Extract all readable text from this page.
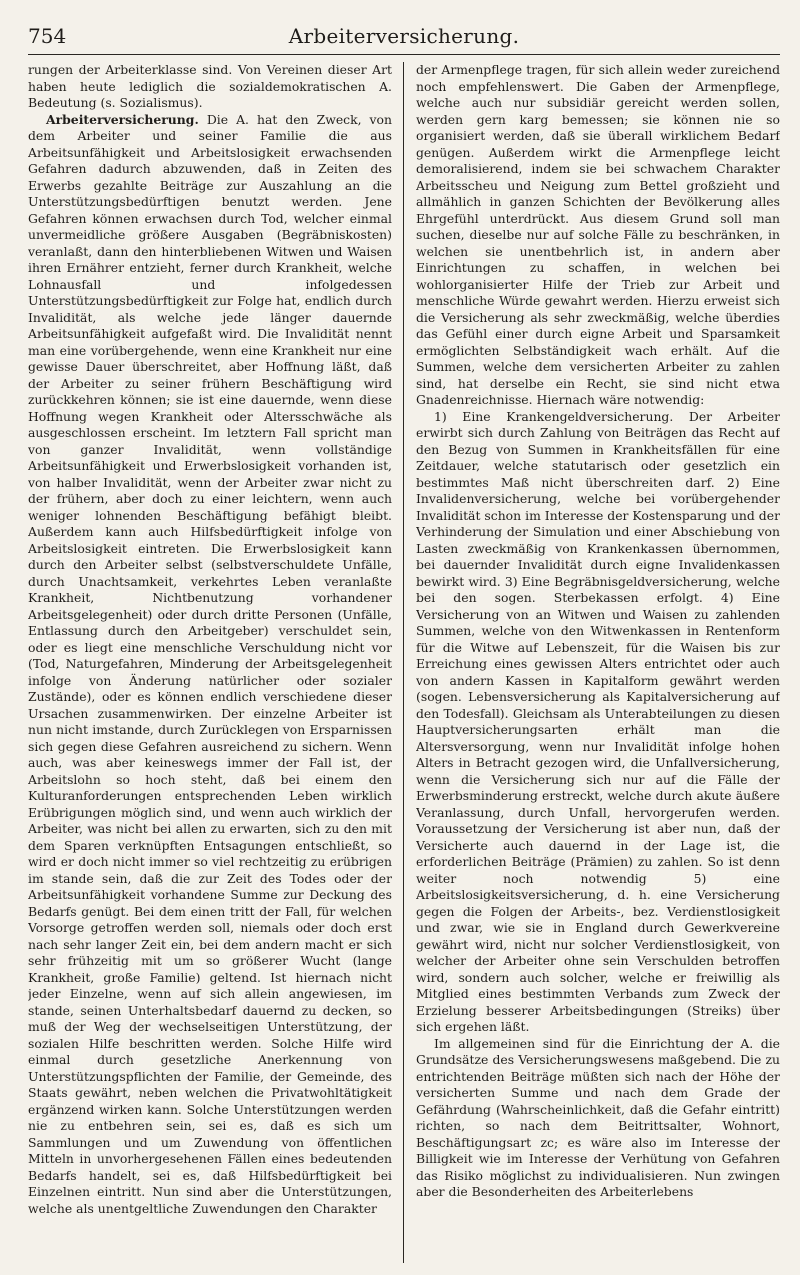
754	Arbeiterversicherung.

rungen der Arbeiterklasse sind. Von Vereinen dieser Art haben heute lediglich die sozialdemokratischen A. Bedeutung (s. Sozialismus).

Arbeiterversicherung. Die A. hat den Zweck, von dem Arbeiter und seiner Familie die aus Arbeitsunfähigkeit und Arbeitslosigkeit erwachsenden Gefahren dadurch abzuwenden, daß in Zeiten des Erwerbs gezahlte Beiträge zur Auszahlung an die Unterstützungsbedürftigen benutzt werden. Jene Gefahren können erwachsen durch Tod, welcher einmal unvermeidliche größere Ausgaben (Begräbniskosten) veranlaßt, dann den hinterbliebenen Witwen und Waisen ihren Ernährer entzieht, ferner durch Krankheit, welche Lohnausfall und infolgedessen Unterstützungsbedürftigkeit zur Folge hat, endlich durch Invalidität, als welche jede länger dauernde Arbeitsunfähigkeit aufgefaßt wird. Die Invalidität nennt man eine vorübergehende, wenn eine Krankheit nur eine gewisse Dauer überschreitet, aber Hoffnung läßt, daß der Arbeiter zu seiner frühern Beschäftigung wird zurückkehren können; sie ist eine dauernde, wenn diese Hoffnung wegen Krankheit oder Altersschwäche als ausgeschlossen erscheint. Im letztern Fall spricht man von ganzer Invalidität, wenn vollständige Arbeitsunfähigkeit und Erwerbslosigkeit vorhanden ist, von halber Invalidität, wenn der Arbeiter zwar nicht zu der frühern, aber doch zu einer leichtern, wenn auch weniger lohnenden Beschäftigung befähigt bleibt. Außerdem kann auch Hilfsbedürftigkeit infolge von Arbeitslosigkeit eintreten. Die Erwerbslosigkeit kann durch den Arbeiter selbst (selbstverschuldete Unfälle, durch Unachtsamkeit, verkehrtes Leben veranlaßte Krankheit, Nichtbenutzung vorhandener Arbeitsgelegenheit) oder durch dritte Personen (Unfälle, Entlassung durch den Arbeitgeber) verschuldet sein, oder es liegt eine menschliche Verschuldung nicht vor (Tod, Naturgefahren, Minderung der Arbeitsgelegenheit infolge von Änderung natürlicher oder sozialer Zustände), oder es können endlich verschiedene dieser Ursachen zusammenwirken. Der einzelne Arbeiter ist nun nicht imstande, durch Zurücklegen von Ersparnissen sich gegen diese Gefahren ausreichend zu sichern. Wenn auch, was aber keineswegs immer der Fall ist, der Arbeitslohn so hoch steht, daß bei einem den Kulturanforderungen entsprechenden Leben wirklich Erübrigungen möglich sind, und wenn auch wirklich der Arbeiter, was nicht bei allen zu erwarten, sich zu den mit dem Sparen verknüpften Entsagungen entschließt, so wird er doch nicht immer so viel rechtzeitig zu erübrigen im stande sein, daß die zur Zeit des Todes oder der Arbeitsunfähigkeit vorhandene Summe zur Deckung des Bedarfs genügt. Bei dem einen tritt der Fall, für welchen Vorsorge getroffen werden soll, niemals oder doch erst nach sehr langer Zeit ein, bei dem andern macht er sich sehr frühzeitig mit um so größerer Wucht (lange Krankheit, große Familie) geltend. Ist hiernach nicht jeder Einzelne, wenn auf sich allein angewiesen, im stande, seinen Unterhaltsbedarf dauernd zu decken, so muß der Weg der wechselseitigen Unterstützung, der sozialen Hilfe beschritten werden. Solche Hilfe wird einmal durch gesetzliche Anerkennung von Unterstützungspflichten der Familie, der Gemeinde, des Staats gewährt, neben welchen die Privatwohltätigkeit ergänzend wirken kann. Solche Unterstützungen werden nie zu entbehren sein, sei es, daß es sich um Sammlungen und um Zuwendung von öffentlichen Mitteln in unvorhergesehenen Fällen eines bedeutenden Bedarfs handelt, sei es, daß Hilfsbedürftigkeit bei Einzelnen eintritt. Nun sind aber die Unterstützungen, welche als unentgeltliche Zuwendungen den Charakter

der Armenpflege tragen, für sich allein weder zureichend noch empfehlenswert. Die Gaben der Armenpflege, welche auch nur subsidiär gereicht werden sollen, werden gern karg bemessen; sie können nie so organisiert werden, daß sie überall wirklichem Bedarf genügen. Außerdem wirkt die Armenpflege leicht demoralisierend, indem sie bei schwachem Charakter Arbeitsscheu und Neigung zum Bettel großzieht und allmählich in ganzen Schichten der Bevölkerung alles Ehrgefühl unterdrückt. Aus diesem Grund soll man suchen, dieselbe nur auf solche Fälle zu beschränken, in welchen sie unentbehrlich ist, in andern aber Einrichtungen zu schaffen, in welchen bei wohlorganisierter Hilfe der Trieb zur Arbeit und menschliche Würde gewahrt werden. Hierzu erweist sich die Versicherung als sehr zweckmäßig, welche überdies das Gefühl einer durch eigne Arbeit und Sparsamkeit ermöglichten Selbständigkeit wach erhält. Auf die Summen, welche dem versicherten Arbeiter zu zahlen sind, hat derselbe ein Recht, sie sind nicht etwa Gnadenreichnisse. Hiernach wäre notwendig:

1) Eine Krankengeldversicherung. Der Arbeiter erwirbt sich durch Zahlung von Beiträgen das Recht auf den Bezug von Summen in Krankheitsfällen für eine Zeitdauer, welche statutarisch oder gesetzlich ein bestimmtes Maß nicht überschreiten darf. 2) Eine Invalidenversicherung, welche bei vorübergehender Invalidität schon im Interesse der Kostensparung und der Verhinderung der Simulation und einer Abschiebung von Lasten zweckmäßig von Krankenkassen übernommen, bei dauernder Invalidität durch eigne Invalidenkassen bewirkt wird. 3) Eine Begräbnisgeldversicherung, welche bei den sogen. Sterbekassen erfolgt. 4) Eine Versicherung von an Witwen und Waisen zu zahlenden Summen, welche von den Witwenkassen in Rentenform für die Witwe auf Lebenszeit, für die Waisen bis zur Erreichung eines gewissen Alters entrichtet oder auch von andern Kassen in Kapitalform gewährt werden (sogen. Lebensversicherung als Kapitalversicherung auf den Todesfall). Gleichsam als Unterabteilungen zu diesen Hauptversicherungsarten erhält man die Altersversorgung, wenn nur Invalidität infolge hohen Alters in Betracht gezogen wird, die Unfallversicherung, wenn die Versicherung sich nur auf die Fälle der Erwerbsminderung erstreckt, welche durch akute äußere Veranlassung, durch Unfall, hervorgerufen werden. Voraussetzung der Versicherung ist aber nun, daß der Versicherte auch dauernd in der Lage ist, die erforderlichen Beiträge (Prämien) zu zahlen. So ist denn weiter noch notwendig 5) eine Arbeitslosigkeitsversicherung, d. h. eine Versicherung gegen die Folgen der Arbeits-, bez. Verdienstlosigkeit und zwar, wie sie in England durch Gewerkvereine gewährt wird, nicht nur solcher Verdienstlosigkeit, von welcher der Arbeiter ohne sein Verschulden betroffen wird, sondern auch solcher, welche er freiwillig als Mitglied eines bestimmten Verbands zum Zweck der Erzielung besserer Arbeitsbedingungen (Streiks) über sich ergehen läßt.

Im allgemeinen sind für die Einrichtung der A. die Grundsätze des Versicherungswesens maßgebend. Die zu entrichtenden Beiträge müßten sich nach der Höhe der versicherten Summe und nach dem Grade der Gefährdung (Wahrscheinlichkeit, daß die Gefahr eintritt) richten, so nach dem Beitrittsalter, Wohnort, Beschäftigungsart zc; es wäre also im Interesse der Billigkeit wie im Interesse der Verhütung von Gefahren das Risiko möglichst zu individualisieren. Nun zwingen aber die Besonderheiten des Arbeiterlebens
